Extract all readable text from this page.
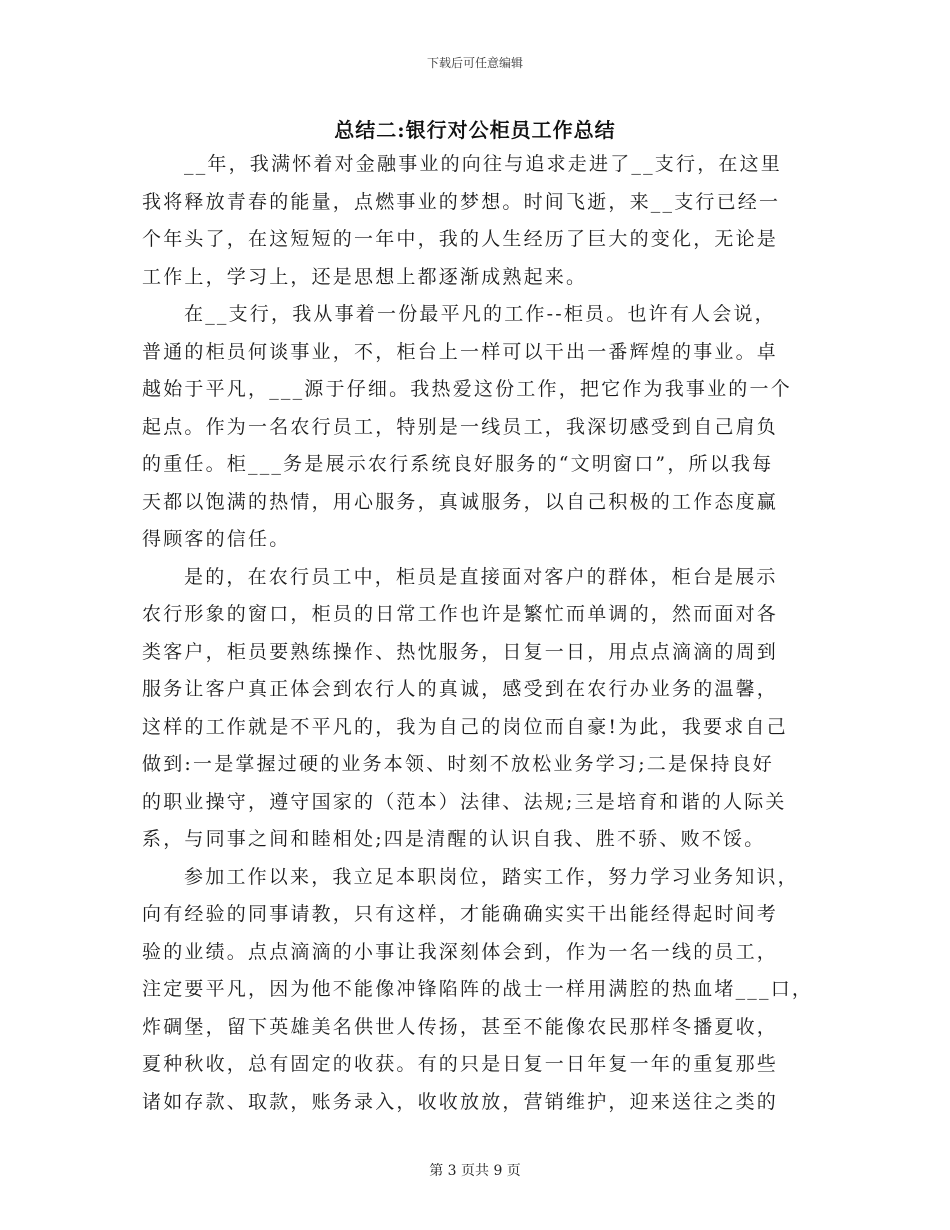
下载后可任意编辑
总结二:银行对公柜员工作总结
__年，我满怀着对金融事业的向往与追求走进了__支行，在这里
我将释放青春的能量，点燃事业的梦想。时间飞逝，来__支行已经一
个年头了，在这短短的一年中，我的人生经历了巨大的变化，无论是
工作上，学习上，还是思想上都逐渐成熟起来。
在__支行，我从事着一份最平凡的工作--柜员。也许有人会说，
普通的柜员何谈事业，不，柜台上一样可以干出一番辉煌的事业。卓
越始于平凡，___源于仔细。我热爱这份工作，把它作为我事业的一个
起点。作为一名农行员工，特别是一线员工，我深切感受到自己肩负
的重任。柜___务是展示农行系统良好服务的“文明窗口”，所以我每
天都以饱满的热情，用心服务，真诚服务，以自己积极的工作态度赢
得顾客的信任。
是的，在农行员工中，柜员是直接面对客户的群体，柜台是展示
农行形象的窗口，柜员的日常工作也许是繁忙而单调的，然而面对各
类客户，柜员要熟练操作、热忱服务，日复一日，用点点滴滴的周到
服务让客户真正体会到农行人的真诚，感受到在农行办业务的温馨，
这样的工作就是不平凡的，我为自己的岗位而自豪!为此，我要求自己
做到:一是掌握过硬的业务本领、时刻不放松业务学习;二是保持良好
的职业操守，遵守国家的（范本）法律、法规;三是培育和谐的人际关
系，与同事之间和睦相处;四是清醒的认识自我、胜不骄、败不馁。
参加工作以来，我立足本职岗位，踏实工作，努力学习业务知识，
向有经验的同事请教，只有这样，才能确确实实干出能经得起时间考
验的业绩。点点滴滴的小事让我深刻体会到，作为一名一线的员工，
注定要平凡，因为他不能像冲锋陷阵的战士一样用满腔的热血堵___口，
炸碉堡，留下英雄美名供世人传扬，甚至不能像农民那样冬播夏收，
夏种秋收，总有固定的收获。有的只是日复一日年复一年的重复那些
诸如存款、取款，账务录入，收收放放，营销维护，迎来送往之类的
第 3 页共 9 页
